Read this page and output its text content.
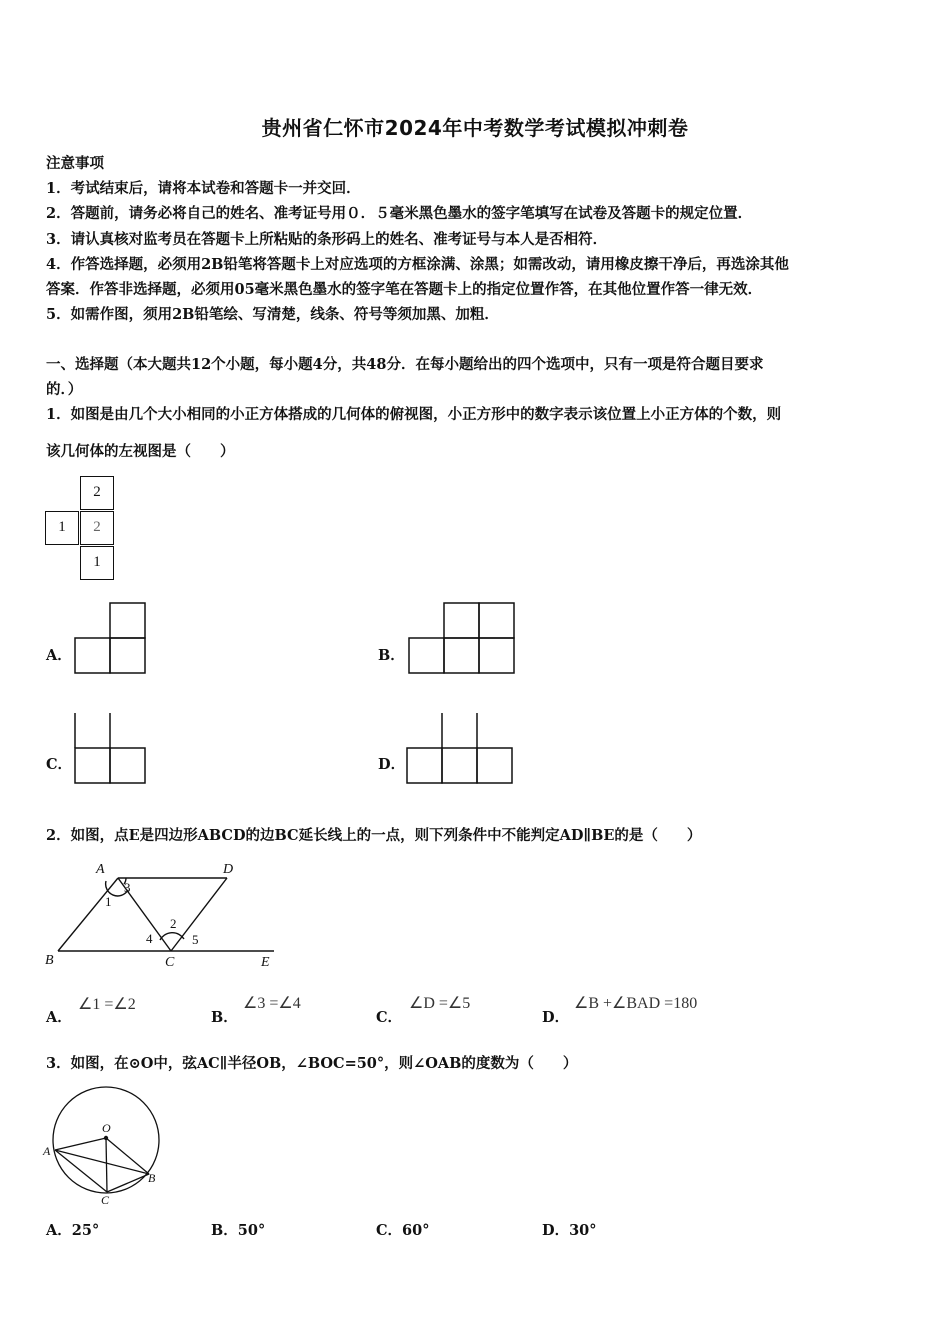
贵州省仁怀市2024年中考数学考试模拟冲刺卷
注意事项
1．考试结束后，请将本试卷和答题卡一并交回．
2．答题前，请务必将自己的姓名、准考证号用０．５毫米黑色墨水的签字笔填写在试卷及答题卡的规定位置．
3．请认真核对监考员在答题卡上所粘贴的条形码上的姓名、准考证号与本人是否相符．
4．作答选择题，必须用2B铅笔将答题卡上对应选项的方框涂满、涂黑；如需改动，请用橡皮擦干净后，再选涂其他
答案．作答非选择题，必须用05毫米黑色墨水的签字笔在答题卡上的指定位置作答，在其他位置作答一律无效．
5．如需作图，须用2B铅笔绘、写清楚，线条、符号等须加黑、加粗．
一、选择题（本大题共12个小题，每小题4分，共48分．在每小题给出的四个选项中，只有一项是符合题目要求
的．）
1．如图是由几个大小相同的小正方体搭成的几何体的俯视图，小正方形中的数字表示该位置上小正方体的个数，则
该几何体的左视图是（　　）
2
1	2
1
A．	B．
C．	D．
2．如图，点E是四边形ABCD的边BC延长线上的一点，则下列条件中不能判定AD∥BE的是（　　）
A	D
B	C	E
1
2
3
4	5
A．
∠1 =∠2
B．
∠3 =∠4
C．
∠D =∠5
D．
∠B +∠BAD =180
3．如图，在⊙O中，弦AC∥半径OB，∠BOC=50°，则∠OAB的度数为（　　）
O
A
B
C
A．25°	B．50°	C．60°	D．30°
